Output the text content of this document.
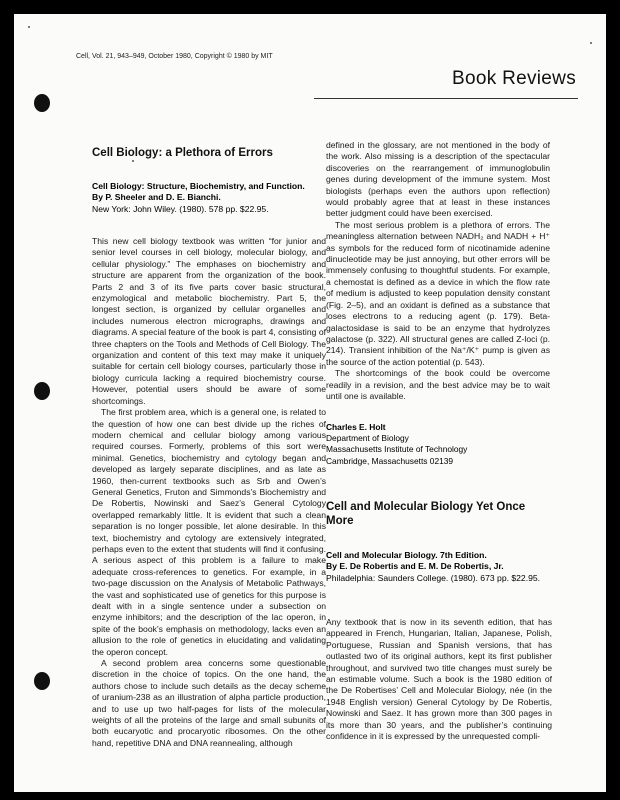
Cell, Vol. 21, 943–949, October 1980, Copyright © 1980 by MIT
Book Reviews
Cell Biology: a Plethora of Errors
Cell Biology: Structure, Biochemistry, and Function.
By P. Sheeler and D. E. Bianchi.
New York: John Wiley. (1980). 578 pp. $22.95.

This new cell biology textbook was written “for junior and senior level courses in cell biology, molecular biology, and cellular physiology.” The emphases on biochemistry and structure are apparent from the organization of the book. Parts 2 and 3 of its five parts cover basic structural, enzymological and metabolic biochemistry. Part 5, the longest section, is organized by cellular organelles and includes numerous electron micrographs, drawings and diagrams. A special feature of the book is part 4, consisting of three chapters on the Tools and Methods of Cell Biology. The organization and content of this text may make it uniquely suitable for certain cell biology courses, particularly those in biology curricula lacking a required biochemistry course. However, potential users should be aware of some shortcomings.

The first problem area, which is a general one, is related to the question of how one can best divide up the riches of modern chemical and cellular biology among various required courses. Formerly, problems of this sort were minimal. Genetics, biochemistry and cytology began and developed as largely separate disciplines, and as late as 1960, then-current textbooks such as Srb and Owen’s General Genetics, Fruton and Simmonds’s Biochemistry and De Robertis, Nowinski and Saez’s General Cytology overlapped remarkably little. It is evident that such a clean separation is no longer possible, let alone desirable. In this text, biochemistry and cytology are extensively integrated, perhaps even to the extent that students will find it confusing. A serious aspect of this problem is a failure to make adequate cross-references to genetics. For example, in a two-page discussion on the Analysis of Metabolic Pathways, the vast and sophisticated use of genetics for this purpose is dealt with in a single sentence under a subsection on enzyme inhibitors; and the description of the lac operon, in spite of the book’s emphasis on methodology, lacks even an allusion to the role of genetics in elucidating and validating the operon concept.

A second problem area concerns some questionable discretion in the choice of topics. On the one hand, the authors chose to include such details as the decay scheme of uranium-238 as an illustration of alpha particle production, and to use up two half-pages for lists of the molecular weights of all the proteins of the large and small subunits of both eucaryotic and procaryotic ribosomes. On the other hand, repetitive DNA and DNA reannealing, although

defined in the glossary, are not mentioned in the body of the work. Also missing is a description of the spectacular discoveries on the rearrangement of immunoglobulin genes during development of the immune system. Most biologists (perhaps even the authors upon reflection) would probably agree that at least in these instances better judgment could have been exercised.

The most serious problem is a plethora of errors. The meaningless alternation between NADH₂ and NADH + H⁺ as symbols for the reduced form of nicotinamide adenine dinucleotide may be just annoying, but other errors will be immensely confusing to thoughtful students. For example, a chemostat is defined as a device in which the flow rate of medium is adjusted to keep population density constant (Fig. 2–5), and an oxidant is defined as a substance that loses electrons to a reducing agent (p. 179). Beta-galactosidase is said to be an enzyme that hydrolyzes galactose (p. 322). All structural genes are called Z-loci (p. 214). Transient inhibition of the Na⁺/K⁺ pump is given as the source of the action potential (p. 543).

The shortcomings of the book could be overcome readily in a revision, and the best advice may be to wait until one is available.

Charles E. Holt
Department of Biology
Massachusetts Institute of Technology
Cambridge, Massachusetts 02139
Cell and Molecular Biology Yet Once More
Cell and Molecular Biology. 7th Edition.
By E. De Robertis and E. M. De Robertis, Jr.
Philadelphia: Saunders College. (1980). 673 pp. $22.95.

Any textbook that is now in its seventh edition, that has appeared in French, Hungarian, Italian, Japanese, Polish, Portuguese, Russian and Spanish versions, that has outlasted two of its original authors, kept its first publisher throughout, and survived two title changes must surely be an estimable volume. Such a book is the 1980 edition of the De Robertises’ Cell and Molecular Biology, née (in the 1948 English version) General Cytology by De Robertis, Nowinski and Saez. It has grown more than 300 pages in its more than 30 years, and the publisher’s continuing confidence in it is expressed by the unrequested compli-
